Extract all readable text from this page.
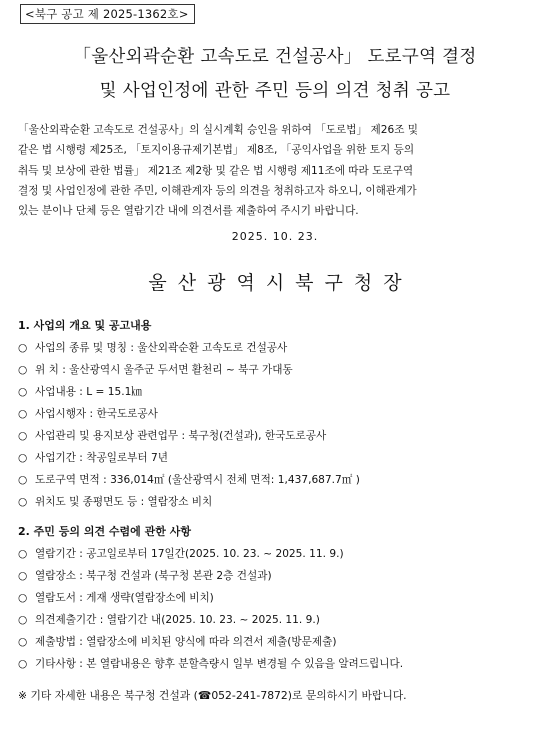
<북구 공고 제 2025-1362호>
「울산외곽순환 고속도로 건설공사」 도로구역 결정
및 사업인정에 관한 주민 등의 의견 청취 공고
「울산외곽순환 고속도로 건설공사」의 실시계획 승인을 위하여 「도로법」 제26조 및
같은 법 시행령 제25조, 「토지이용규제기본법」 제8조, 「공익사업을 위한 토지 등의
취득 및 보상에 관한 법률」 제21조 제2항 및 같은 법 시행령 제11조에 따라 도로구역
결정 및 사업인정에 관한 주민, 이해관계자 등의 의견을 청취하고자 하오니, 이해관계가
있는 분이나 단체 등은 열람기간 내에 의견서를 제출하여 주시기 바랍니다.
2025. 10. 23.
울산광역시북구청장
1. 사업의 개요 및 공고내용
○ 사업의 종류 및 명칭 : 울산외곽순환 고속도로 건설공사
○ 위 치 : 울산광역시 울주군 두서면 활천리 ~ 북구 가대동
○ 사업내용 : L = 15.1㎞
○ 사업시행자 : 한국도로공사
○ 사업관리 및 용지보상 관련업무 : 북구청(건설과), 한국도로공사
○ 사업기간 : 착공일로부터 7년
○ 도로구역 면적 : 336,014㎡ (울산광역시 전체 면적: 1,437,687.7㎡ )
○ 위치도 및 종평면도 등 : 열람장소 비치
2. 주민 등의 의견 수렴에 관한 사항
○ 열람기간 : 공고일로부터 17일간(2025. 10. 23. ~ 2025. 11. 9.)
○ 열람장소 : 북구청 건설과 (북구청 본관 2층 건설과)
○ 열람도서 : 게재 생략(열람장소에 비치)
○ 의견제출기간 : 열람기간 내(2025. 10. 23. ~ 2025. 11. 9.)
○ 제출방법 : 열람장소에 비치된 양식에 따라 의견서 제출(방문제출)
○ 기타사항 : 본 열람내용은 향후 분할측량시 일부 변경될 수 있음을 알려드립니다.
※ 기타 자세한 내용은 북구청 건설과 (☎052-241-7872)로 문의하시기 바랍니다.
